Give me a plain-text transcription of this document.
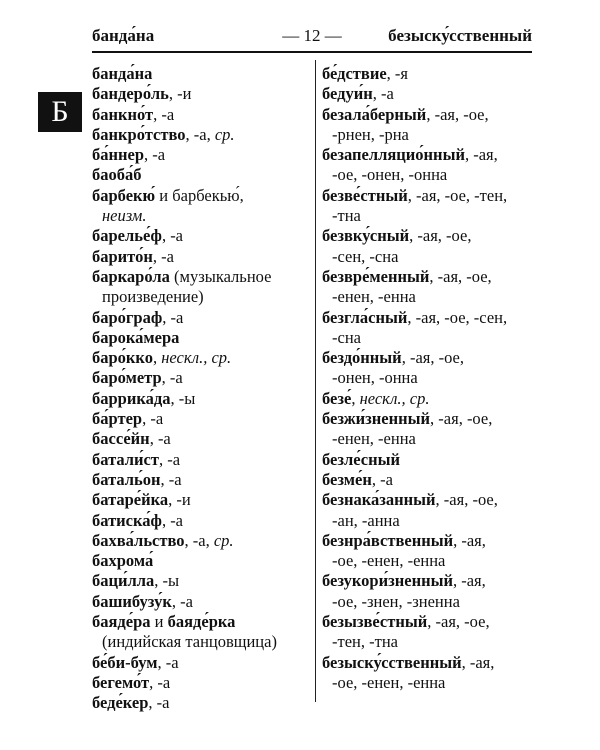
банда́на	— 12 —	безыску́сственный
Б
банда́на
бандеро́ль, -и
банкно́т, -а
банкро́тство, -а, ср.
ба́ннер, -а
баоба́б
барбекю́ и барбекью́,
неизм.
барелье́ф, -а
барито́н, -а
баркаро́ла (музыкальное
произведение)
баро́граф, -а
барока́мера
баро́кко, нескл., ср.
баро́метр, -а
баррика́да, -ы
ба́ртер, -а
бассе́йн, -а
батали́ст, -а
баталь́он, -а
батаре́йка, -и
батиска́ф, -а
бахва́льство, -а, ср.
бахрома́
баци́лла, -ы
башибузу́к, -а
баяде́ра и баяде́рка
(индийская танцовщица)
бе́би-бум, -а
бегемо́т, -а
беде́кер, -а
бе́дствие, -я
бедуи́н, -а
безала́берный, -ая, -ое,
-рнен, -рна
безапелляцио́нный, -ая,
-ое, -онен, -онна
безве́стный, -ая, -ое, -тен,
-тна
безвку́сный, -ая, -ое,
-сен, -сна
безвре́менный, -ая, -ое,
-енен, -енна
безгла́сный, -ая, -ое, -сен,
-сна
бездо́нный, -ая, -ое,
-онен, -онна
безе́, нескл., ср.
безжи́зненный, -ая, -ое,
-енен, -енна
безле́сный
безме́н, -а
безнака́занный, -ая, -ое,
-ан, -анна
безнра́вственный, -ая,
-ое, -енен, -енна
безукори́зненный, -ая,
-ое, -знен, -зненна
безызве́стный, -ая, -ое,
-тен, -тна
безыску́сственный, -ая,
-ое, -енен, -енна
